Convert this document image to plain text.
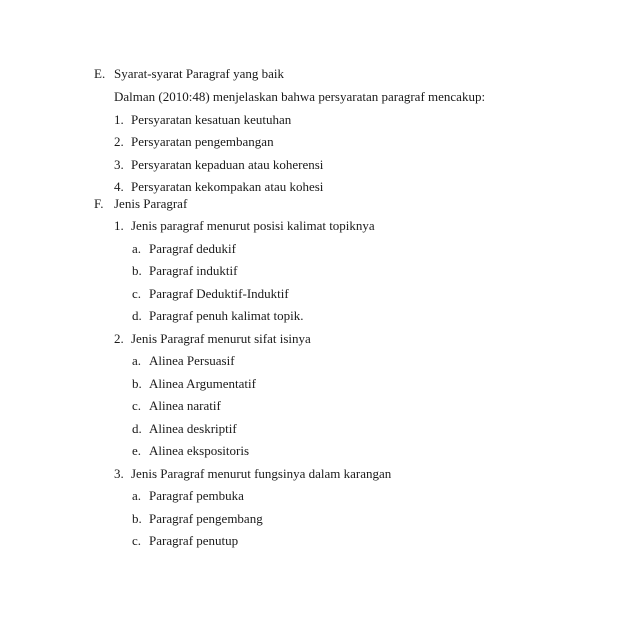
E. Syarat-syarat Paragraf yang baik
Dalman (2010:48) menjelaskan bahwa persyaratan paragraf mencakup:
1. Persyaratan kesatuan keutuhan
2. Persyaratan pengembangan
3. Persyaratan kepaduan atau koherensi
4. Persyaratan kekompakan atau kohesi
F. Jenis Paragraf
1. Jenis paragraf menurut posisi kalimat topiknya
a. Paragraf dedukif
b. Paragraf induktif
c. Paragraf Deduktif-Induktif
d. Paragraf penuh kalimat topik.
2. Jenis Paragraf menurut sifat isinya
a. Alinea Persuasif
b. Alinea Argumentatif
c. Alinea naratif
d. Alinea deskriptif
e. Alinea ekspositoris
3. Jenis Paragraf menurut fungsinya dalam karangan
a. Paragraf pembuka
b. Paragraf pengembang
c. Paragraf penutup
